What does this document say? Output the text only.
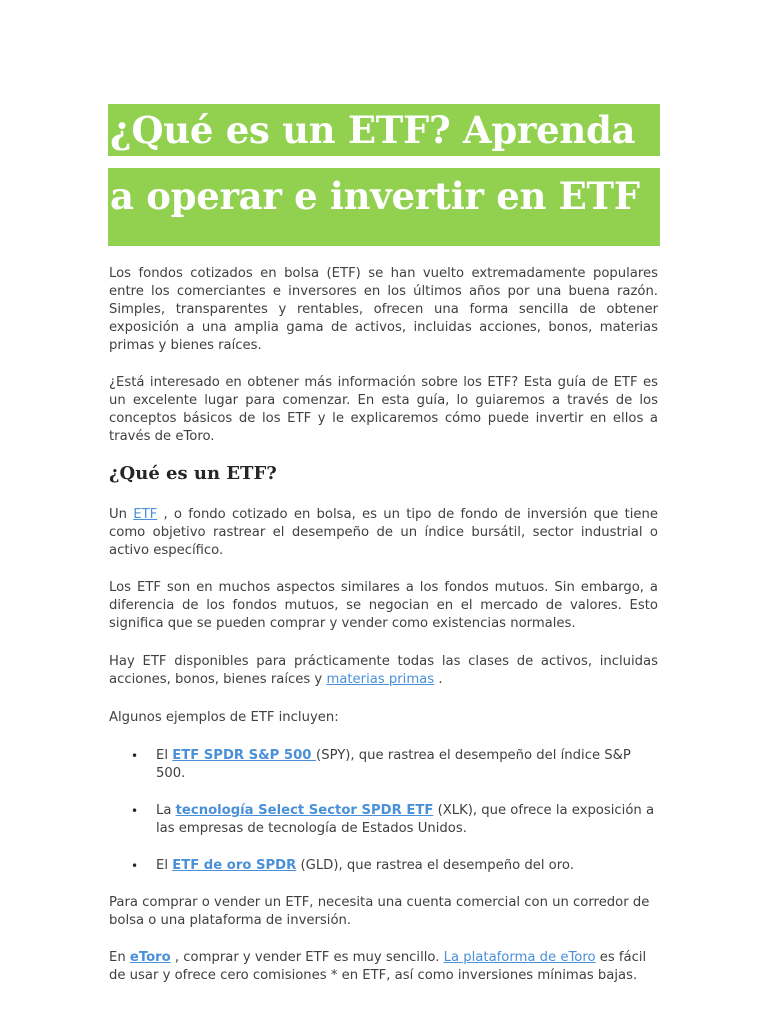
¿Qué es un ETF? Aprenda
a operar e invertir en ETF

Los fondos cotizados en bolsa (ETF) se han vuelto extremadamente populares entre los comerciantes e inversores en los últimos años por una buena razón. Simples, transparentes y rentables, ofrecen una forma sencilla de obtener exposición a una amplia gama de activos, incluidas acciones, bonos, materias primas y bienes raíces.

¿Está interesado en obtener más información sobre los ETF? Esta guía de ETF es un excelente lugar para comenzar. En esta guía, lo guiaremos a través de los conceptos básicos de los ETF y le explicaremos cómo puede invertir en ellos a través de eToro.

¿Qué es un ETF?

Un ETF , o fondo cotizado en bolsa, es un tipo de fondo de inversión que tiene como objetivo rastrear el desempeño de un índice bursátil, sector industrial o activo específico.

Los ETF son en muchos aspectos similares a los fondos mutuos. Sin embargo, a diferencia de los fondos mutuos, se negocian en el mercado de valores. Esto significa que se pueden comprar y vender como existencias normales.

Hay ETF disponibles para prácticamente todas las clases de activos, incluidas acciones, bonos, bienes raíces y materias primas .

Algunos ejemplos de ETF incluyen:

• El ETF SPDR S&P 500 (SPY), que rastrea el desempeño del índice S&P 500.
• La tecnología Select Sector SPDR ETF (XLK), que ofrece la exposición a las empresas de tecnología de Estados Unidos.
• El ETF de oro SPDR (GLD), que rastrea el desempeño del oro.

Para comprar o vender un ETF, necesita una cuenta comercial con un corredor de bolsa o una plataforma de inversión.

En eToro , comprar y vender ETF es muy sencillo. La plataforma de eToro es fácil de usar y ofrece cero comisiones * en ETF, así como inversiones mínimas bajas.
